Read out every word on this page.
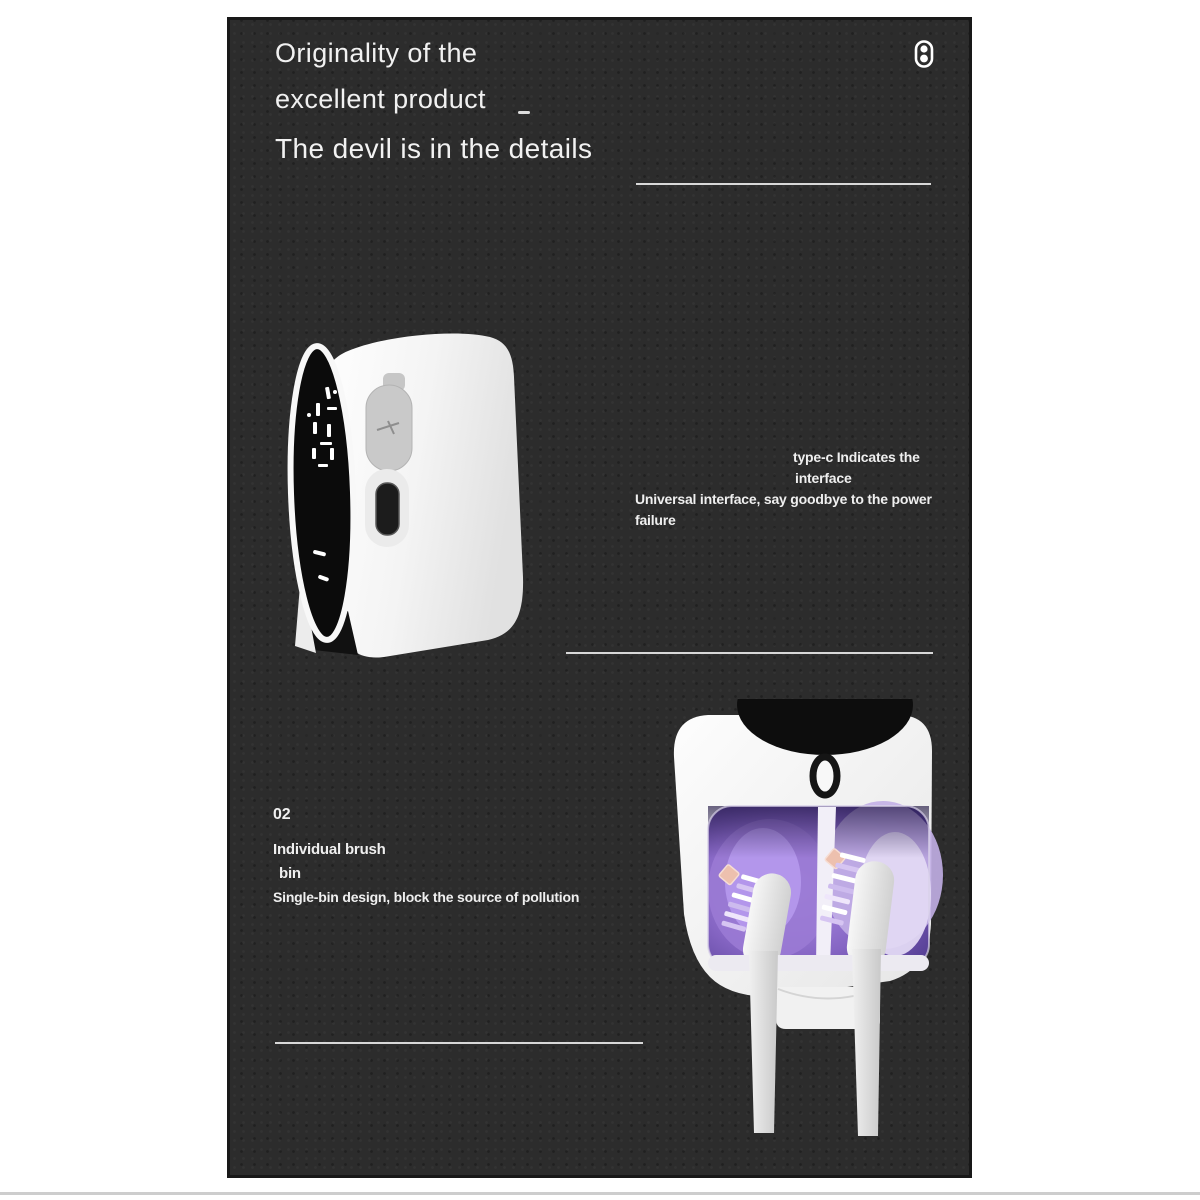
Originality of the
excellent product
The devil is in the details
type-c Indicates the
interface
Universal interface, say goodbye to the power
failure
02
Individual brush
bin
Single-bin design, block the source of pollution
